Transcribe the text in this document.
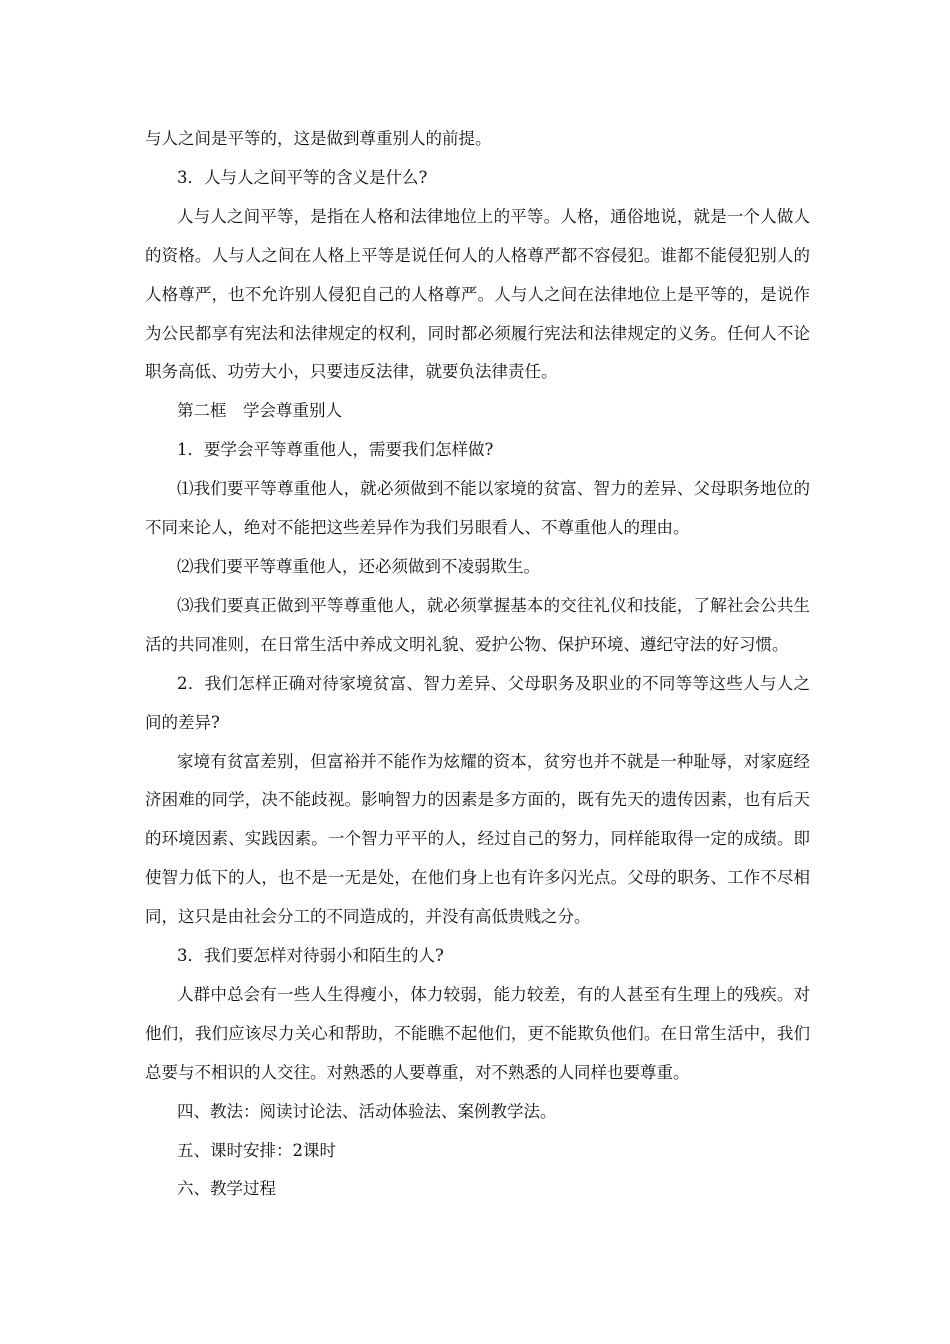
与人之间是平等的，这是做到尊重别人的前提。

3．人与人之间平等的含义是什么?

人与人之间平等，是指在人格和法律地位上的平等。人格，通俗地说，就是一个人做人的资格。人与人之间在人格上平等是说任何人的人格尊严都不容侵犯。谁都不能侵犯别人的人格尊严，也不允许别人侵犯自己的人格尊严。人与人之间在法律地位上是平等的，是说作为公民都享有宪法和法律规定的权利，同时都必须履行宪法和法律规定的义务。任何人不论职务高低、功劳大小，只要违反法律，就要负法律责任。

第二框　学会尊重别人

1．要学会平等尊重他人，需要我们怎样做?

⑴我们要平等尊重他人，就必须做到不能以家境的贫富、智力的差异、父母职务地位的不同来论人，绝对不能把这些差异作为我们另眼看人、不尊重他人的理由。

⑵我们要平等尊重他人，还必须做到不凌弱欺生。

⑶我们要真正做到平等尊重他人，就必须掌握基本的交往礼仪和技能，了解社会公共生活的共同准则，在日常生活中养成文明礼貌、爱护公物、保护环境、遵纪守法的好习惯。

2．我们怎样正确对待家境贫富、智力差异、父母职务及职业的不同等等这些人与人之间的差异?

家境有贫富差别，但富裕并不能作为炫耀的资本，贫穷也并不就是一种耻辱，对家庭经济困难的同学，决不能歧视。影响智力的因素是多方面的，既有先天的遗传因素，也有后天的环境因素、实践因素。一个智力平平的人，经过自己的努力，同样能取得一定的成绩。即使智力低下的人，也不是一无是处，在他们身上也有许多闪光点。父母的职务、工作不尽相同，这只是由社会分工的不同造成的，并没有高低贵贱之分。

3．我们要怎样对待弱小和陌生的人?

人群中总会有一些人生得瘦小，体力较弱，能力较差，有的人甚至有生理上的残疾。对他们，我们应该尽力关心和帮助，不能瞧不起他们，更不能欺负他们。在日常生活中，我们总要与不相识的人交往。对熟悉的人要尊重，对不熟悉的人同样也要尊重。

四、教法：阅读讨论法、活动体验法、案例教学法。

五、课时安排：2课时

六、教学过程
